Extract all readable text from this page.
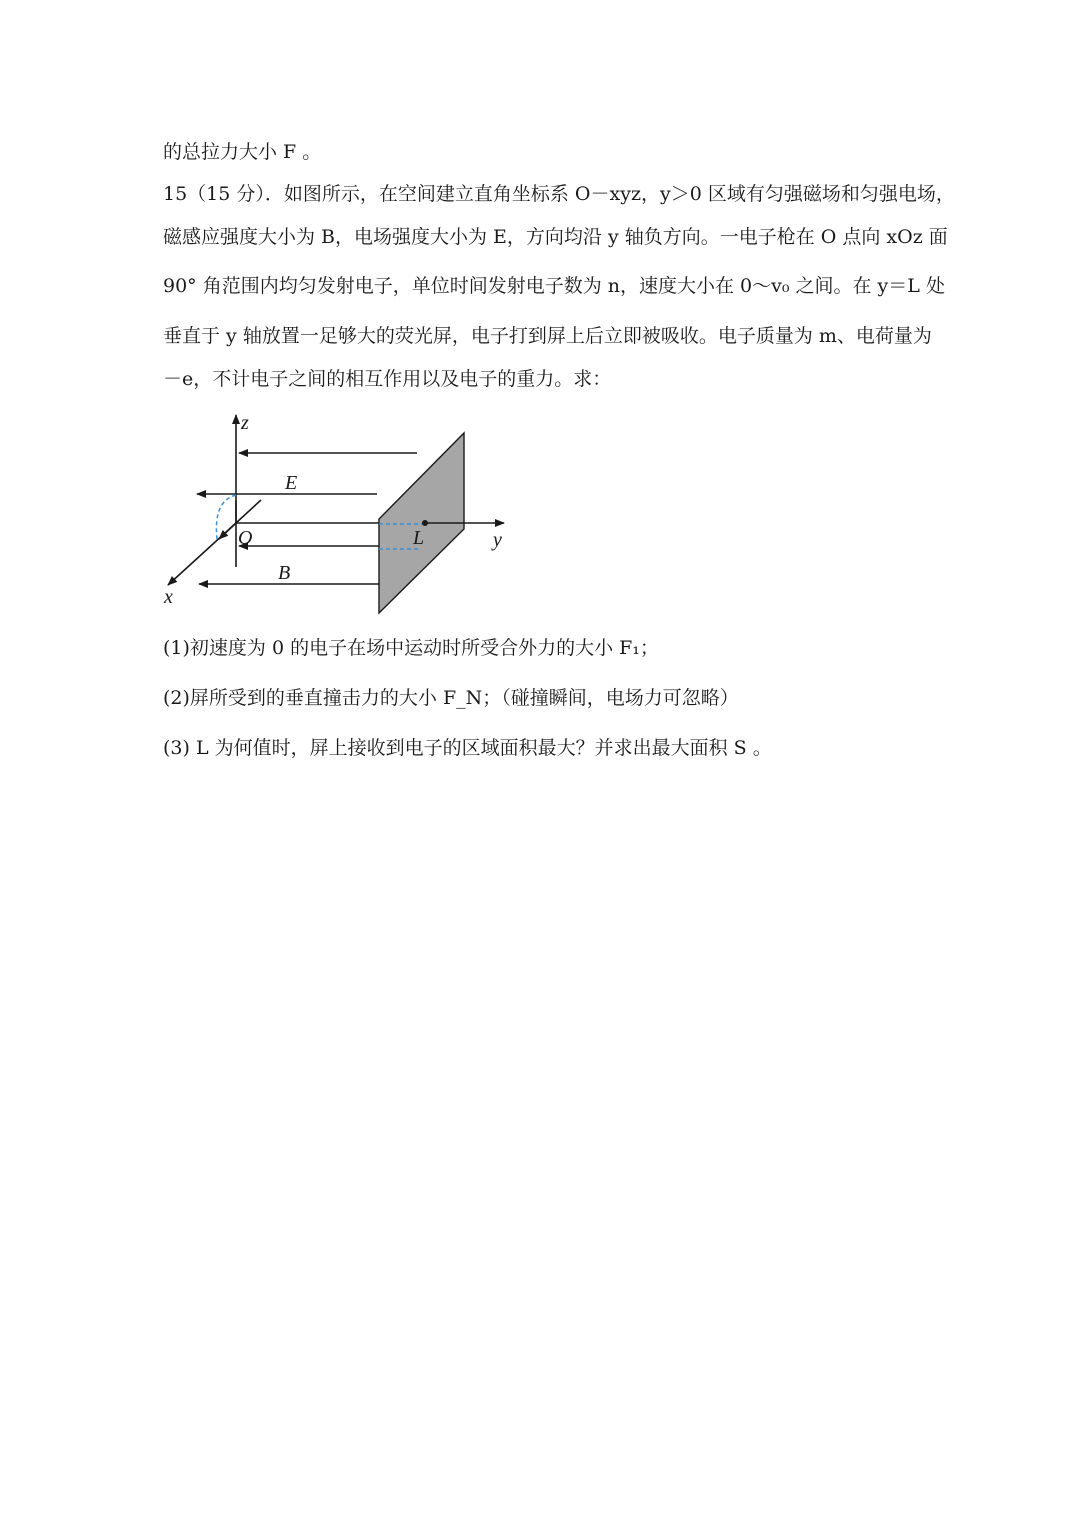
的总拉力大小 F 。
15（15 分）．如图所示，在空间建立直角坐标系 O－xyz，y＞0 区域有匀强磁场和匀强电场，
磁感应强度大小为 B，电场强度大小为 E，方向均沿 y 轴负方向。一电子枪在 O 点向 xOz 面
90° 角范围内均匀发射电子，单位时间发射电子数为 n，速度大小在 0～v₀ 之间。在 y＝L 处
垂直于 y 轴放置一足够大的荧光屏，电子打到屏上后立即被吸收。电子质量为 m、电荷量为
－e，不计电子之间的相互作用以及电子的重力。求：
z
E
O	L	y
B
x
(1)初速度为 0 的电子在场中运动时所受合外力的大小 F₁；
(2)屏所受到的垂直撞击力的大小 F_N；（碰撞瞬间，电场力可忽略）
(3) L 为何值时，屏上接收到电子的区域面积最大？并求出最大面积 S 。
